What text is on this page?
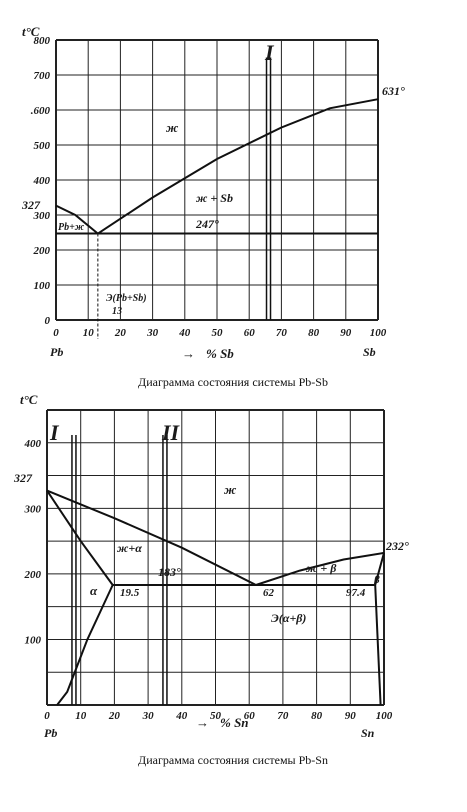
t°C
0 10 20 30 40 50 60 70 80 90 100
0
100
200
300
400
500
.600
700
800
327
I
631°
ж
ж + Sb
247°
Pb+ж
Э(Pb+Sb)
13
Pb	Sb
→ % Sb
Диаграмма состояния системы Pb-Sb
t°C
0 10 20 30 40 50 60 70 80 90 100
100
200
300
400
327
I	II
ж
232°
ж+α
183°	ж + β
β
α 19.5	62	97.4
Э(α+β)
Pb	Sn
→ % Sn
Диаграмма состояния системы Pb-Sn
